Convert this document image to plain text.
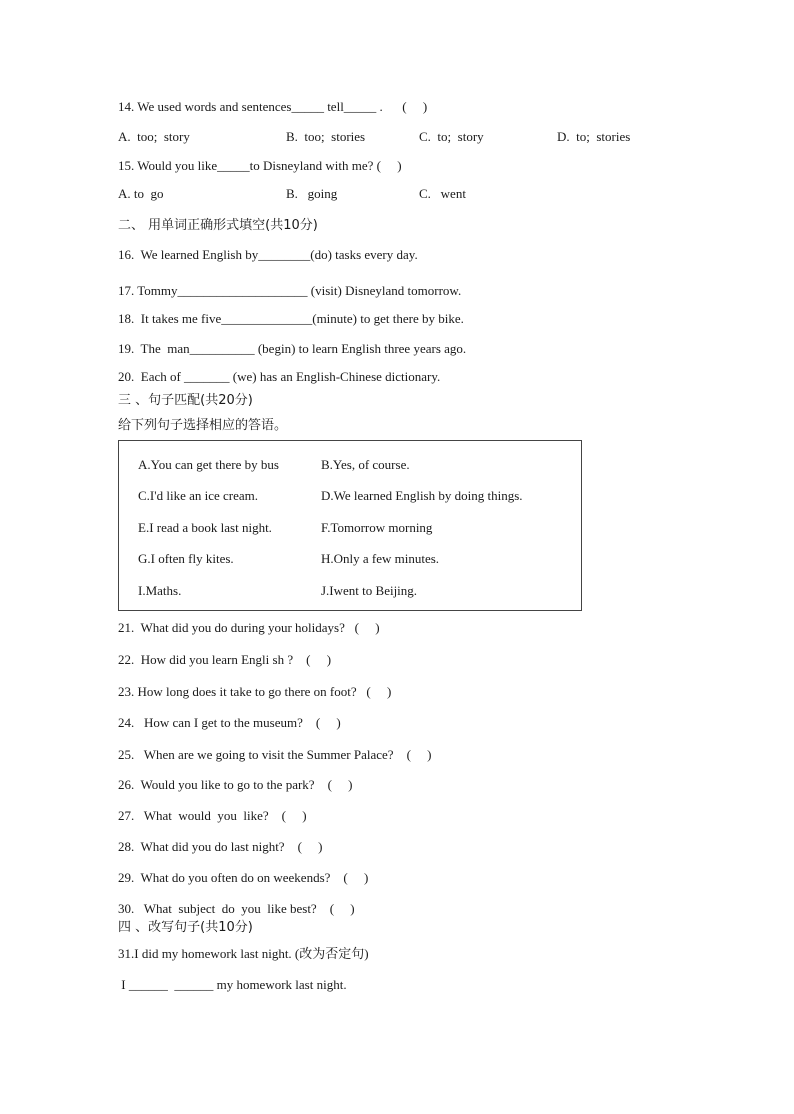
14. We used words and sentences_____ tell_____ .      (     )
A.  too;  story	B.  too;  stories	C.  to;  story	D.  to;  stories
15. Would you like_____to Disneyland with me? (     )
A. to  go	B.   going	C.   went
二、 用单词正确形式填空(共10分)
16.  We learned English by________(do) tasks every day.
17. Tommy____________________ (visit) Disneyland tomorrow.
18.  It takes me five______________(minute) to get there by bike.
19.  The  man__________ (begin) to learn English three years ago.
20.  Each of _______ (we) has an English-Chinese dictionary.
三 、句子匹配(共20分)
给下列句子选择相应的答语。
A.You can get there by bus	B.Yes, of course.
C.I'd like an ice cream.	D.We learned English by doing things.
E.I read a book last night.	F.Tomorrow morning
G.I often fly kites.	H.Only a few minutes.
I.Maths.	J.Iwent to Beijing.
21.  What did you do during your holidays?   (     )
22.  How did you learn Engli sh ?    (     )
23. How long does it take to go there on foot?   (     )
24.   How can I get to the museum?    (     )
25.   When are we going to visit the Summer Palace?    (     )
26.  Would you like to go to the park?    (     )
27.   What  would  you  like?    (     )
28.  What did you do last night?    (     )
29.  What do you often do on weekends?    (     )
30.   What  subject  do  you  like best?    (     )
四 、改写句子(共10分)
31.I did my homework last night. (改为否定句)
I ______  ______ my homework last night.
